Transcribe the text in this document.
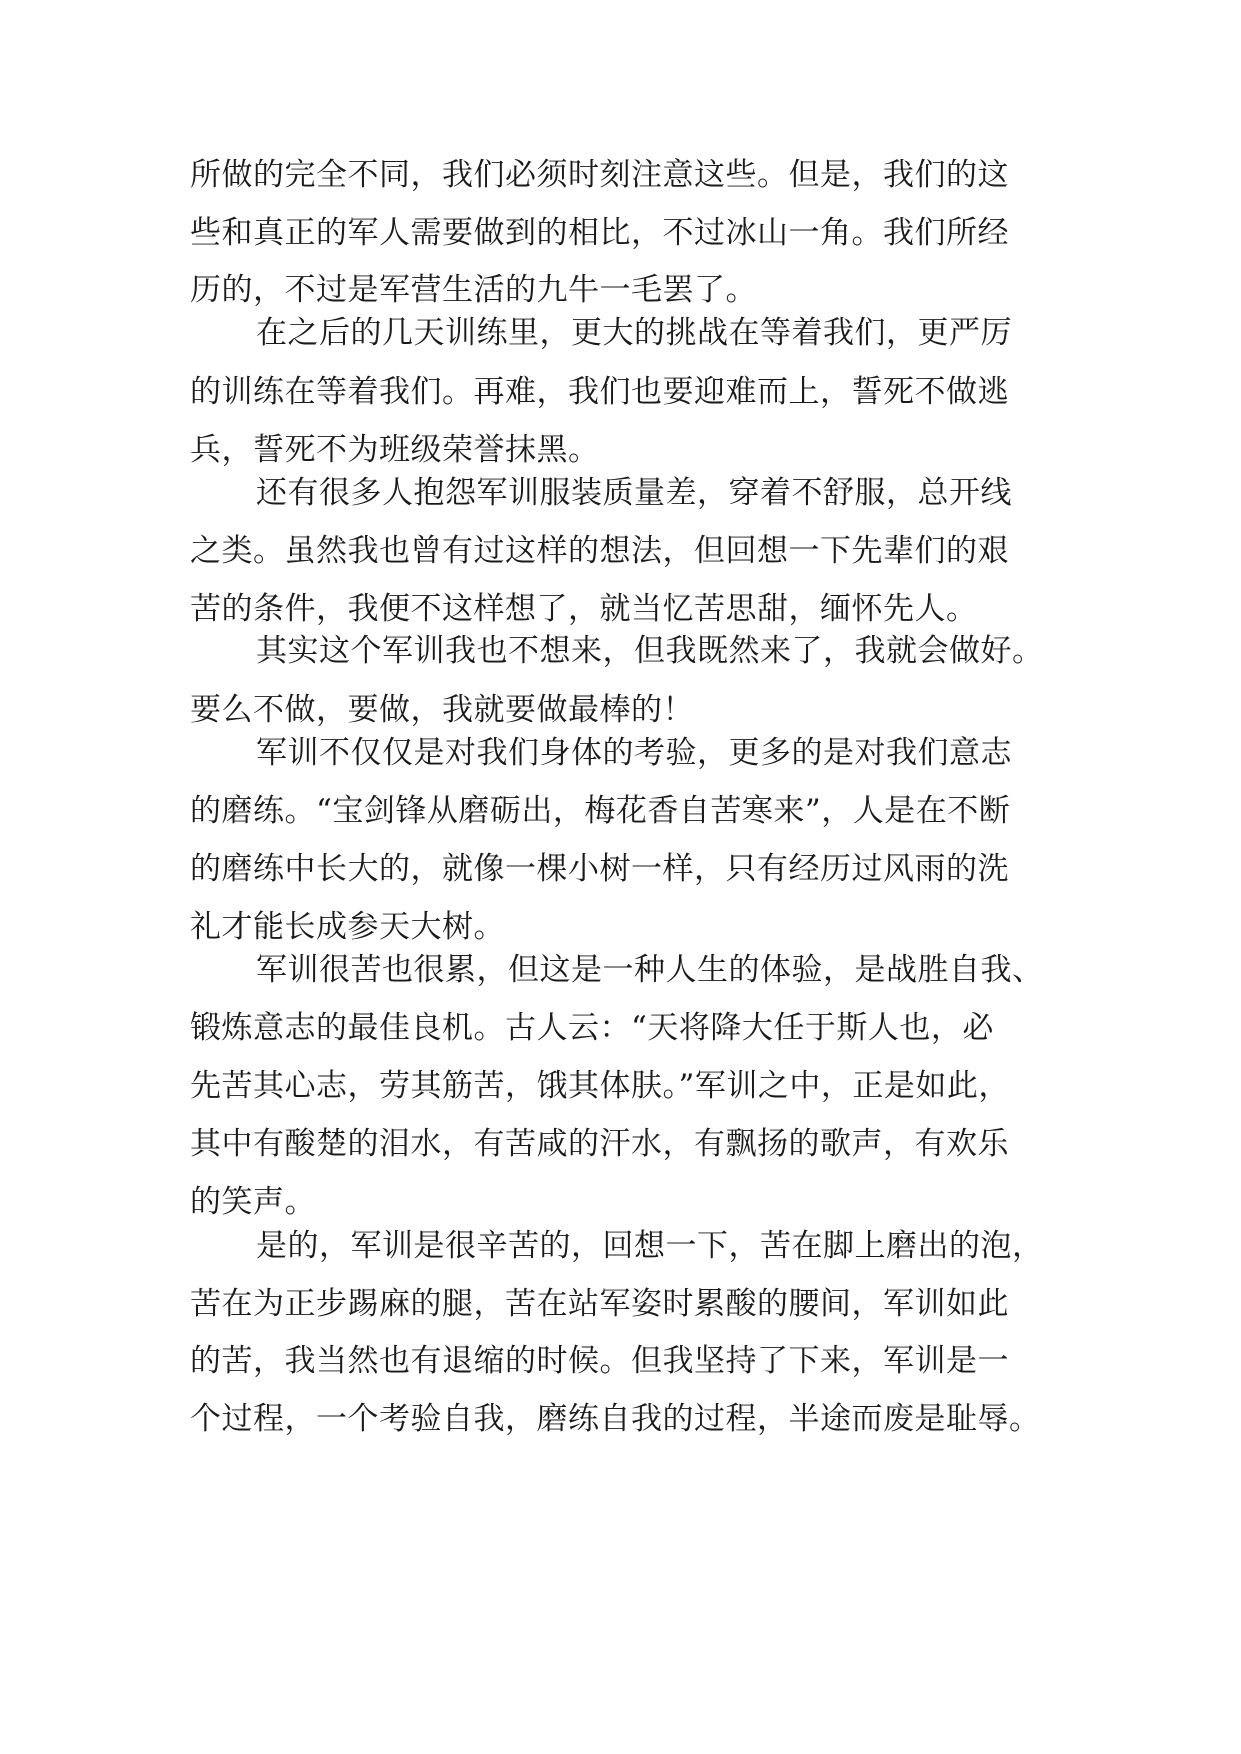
所做的完全不同，我们必须时刻注意这些。但是，我们的这
些和真正的军人需要做到的相比，不过冰山一角。我们所经
历的，不过是军营生活的九牛一毛罢了。
在之后的几天训练里，更大的挑战在等着我们，更严厉
的训练在等着我们。再难，我们也要迎难而上，誓死不做逃
兵，誓死不为班级荣誉抹黑。
还有很多人抱怨军训服装质量差，穿着不舒服，总开线
之类。虽然我也曾有过这样的想法，但回想一下先辈们的艰
苦的条件，我便不这样想了，就当忆苦思甜，缅怀先人。
其实这个军训我也不想来，但我既然来了，我就会做好。
要么不做，要做，我就要做最棒的！
军训不仅仅是对我们身体的考验，更多的是对我们意志
的磨练。“宝剑锋从磨砺出，梅花香自苦寒来”，人是在不断
的磨练中长大的，就像一棵小树一样，只有经历过风雨的洗
礼才能长成参天大树。
军训很苦也很累，但这是一种人生的体验，是战胜自我、
锻炼意志的最佳良机。古人云：“天将降大任于斯人也，必
先苦其心志，劳其筋苦，饿其体肤。”军训之中，正是如此，
其中有酸楚的泪水，有苦咸的汗水，有飘扬的歌声，有欢乐
的笑声。
是的，军训是很辛苦的，回想一下，苦在脚上磨出的泡，
苦在为正步踢麻的腿，苦在站军姿时累酸的腰间，军训如此
的苦，我当然也有退缩的时候。但我坚持了下来，军训是一
个过程，一个考验自我，磨练自我的过程，半途而废是耻辱。
